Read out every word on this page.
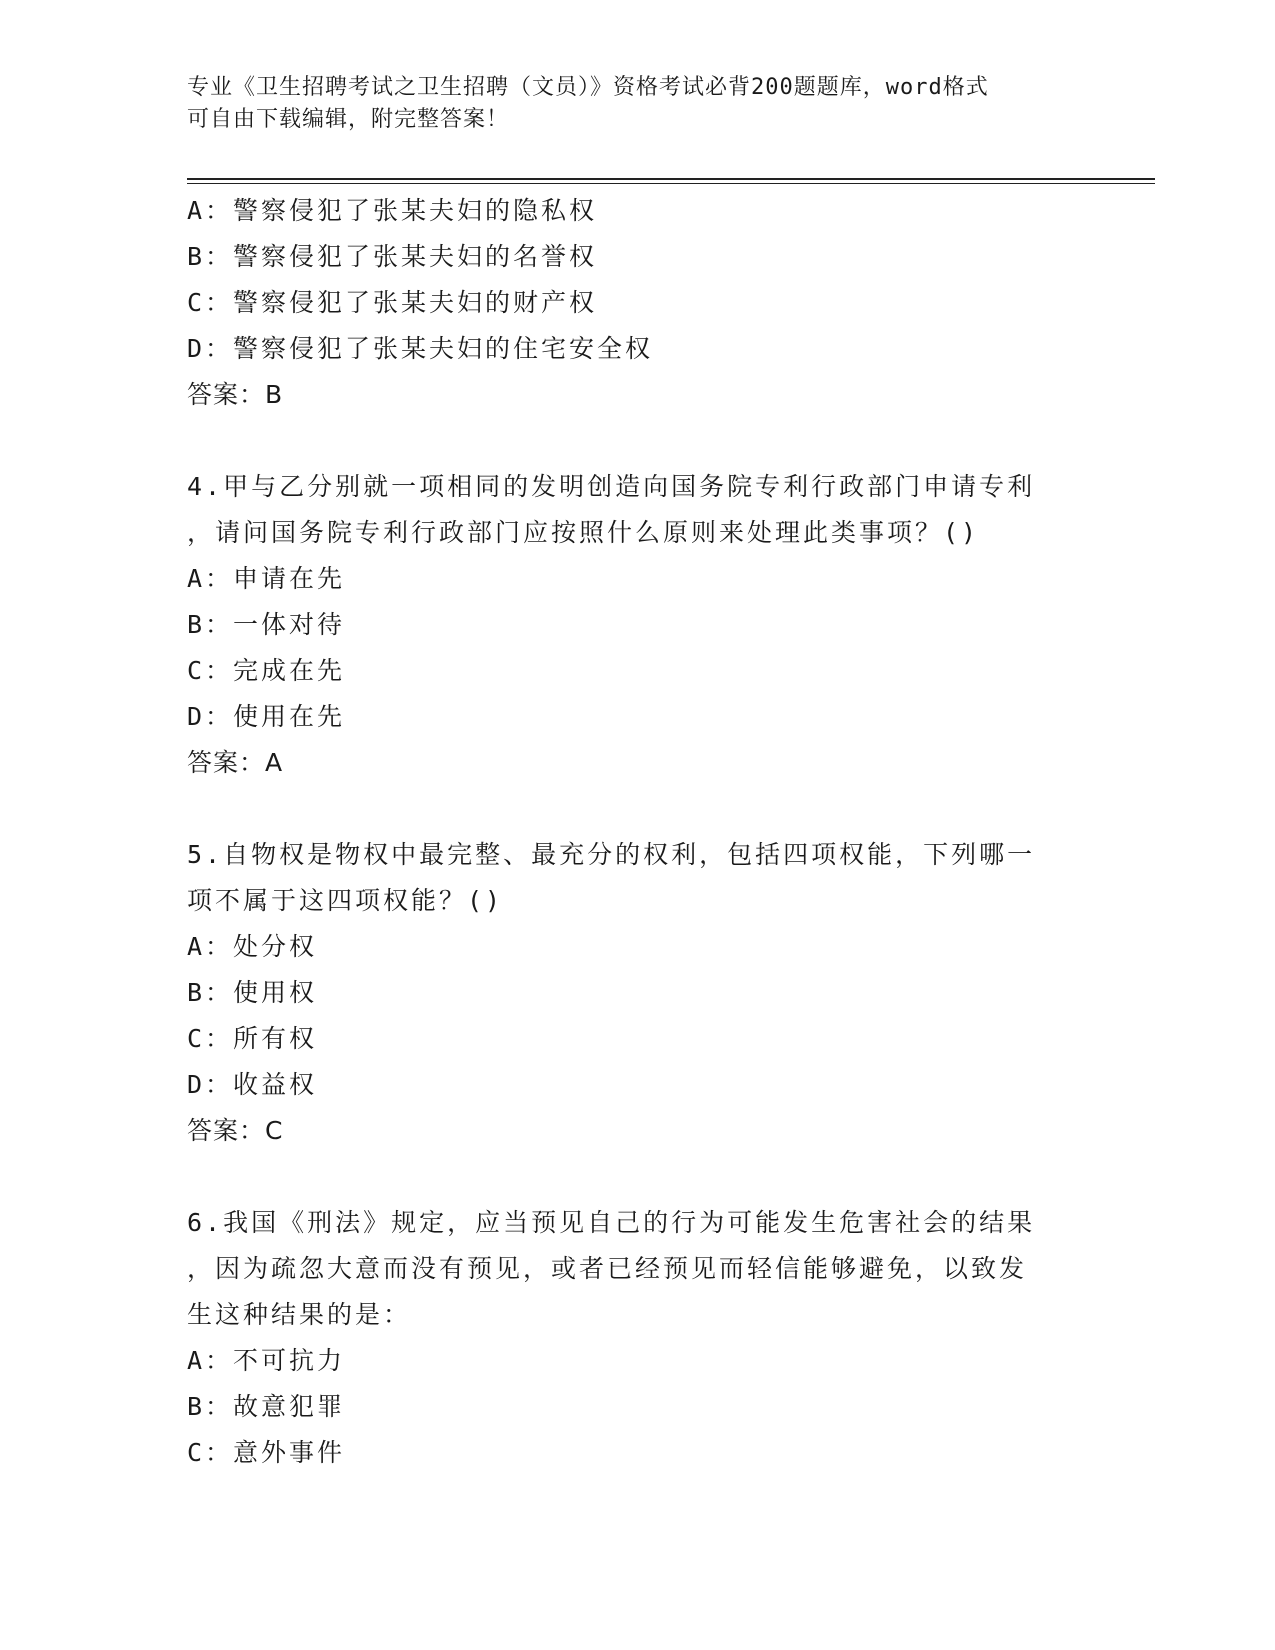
专业《卫生招聘考试之卫生招聘（文员）》资格考试必背200题题库，word格式
可自由下载编辑，附完整答案！
A：警察侵犯了张某夫妇的隐私权
B：警察侵犯了张某夫妇的名誉权
C：警察侵犯了张某夫妇的财产权
D：警察侵犯了张某夫妇的住宅安全权
答案：B
4.甲与乙分别就一项相同的发明创造向国务院专利行政部门申请专利
，请问国务院专利行政部门应按照什么原则来处理此类事项？()
A：申请在先
B：一体对待
C：完成在先
D：使用在先
答案：A
5.自物权是物权中最完整、最充分的权利，包括四项权能，下列哪一
项不属于这四项权能？()
A：处分权
B：使用权
C：所有权
D：收益权
答案：C
6.我国《刑法》规定，应当预见自己的行为可能发生危害社会的结果
，因为疏忽大意而没有预见，或者已经预见而轻信能够避免，以致发
生这种结果的是：
A：不可抗力
B：故意犯罪
C：意外事件
